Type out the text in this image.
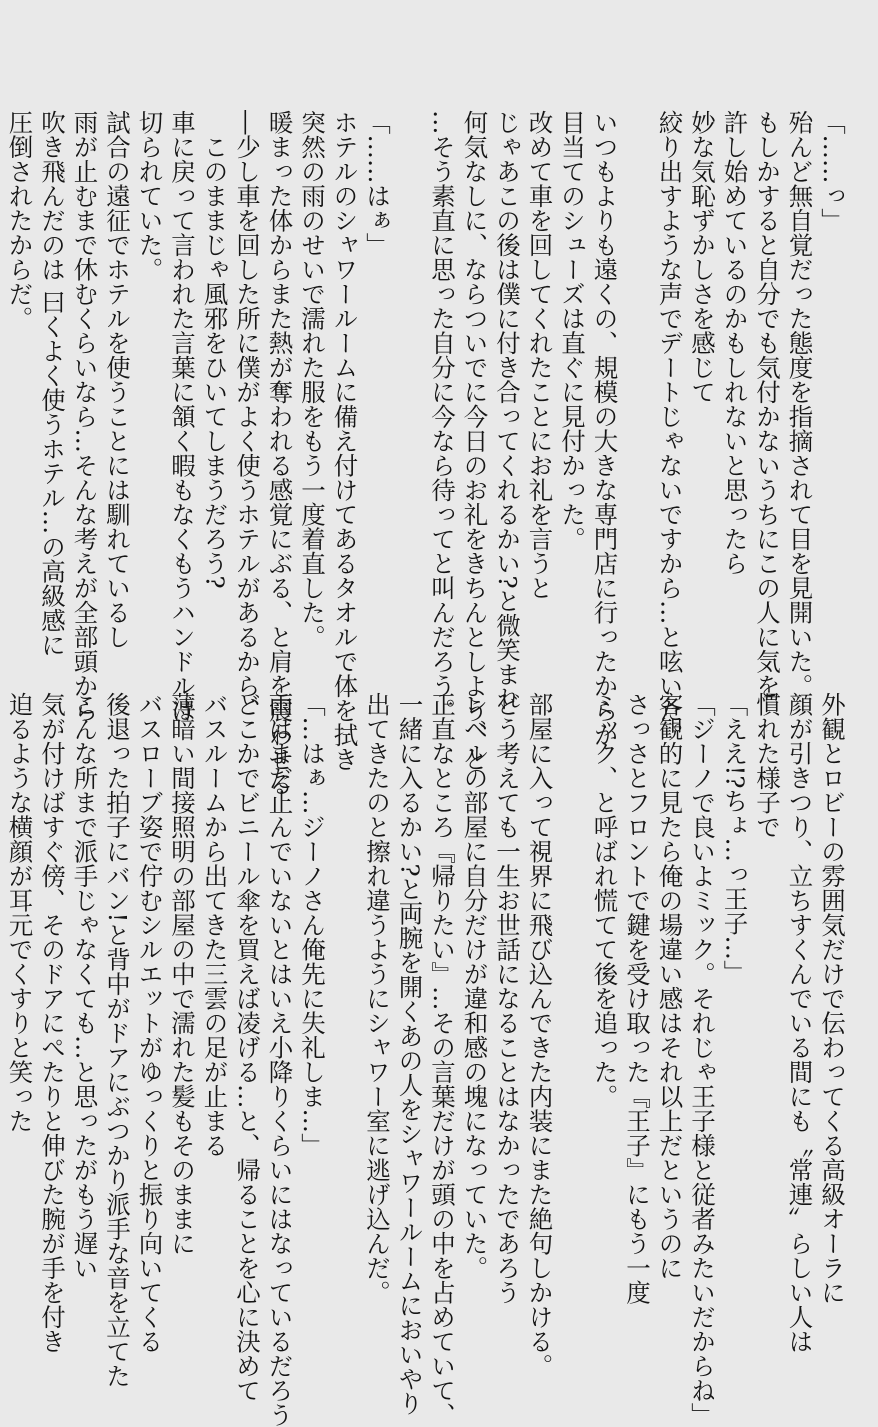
「……っ」
殆んど無自覚だった態度を指摘されて目を見開いた。
もしかすると自分でも気付かないうちにこの人に気を
許し始めているのかもしれないと思ったら
妙な気恥ずかしさを感じて
絞り出すような声でデートじゃないですから…と呟いた。
いつもよりも遠くの、規模の大きな専門店に行ったからか
目当てのシューズは直ぐに見付かった。
改めて車を回してくれたことにお礼を言うと
じゃあこの後は僕に付き合ってくれるかい?と微笑まれ
何気なしに、ならついでに今日のお礼をきちんとしよう、と
…そう素直に思った自分に今なら待ってと叫んだろう。
「……はぁ」
ホテルのシャワールームに備え付けてあるタオルで体を拭き
突然の雨のせいで濡れた服をもう一度着直した。
暖まった体からまた熱が奪われる感覚にぶる、と肩を震わせる
―少し車を回した所に僕がよく使うホテルがあるから、
　このままじゃ風邪をひいてしまうだろう?
車に戻って言われた言葉に頷く暇もなくもうハンドルは
切られていた。
試合の遠征でホテルを使うことには馴れているし
雨が止むまで休むくらいなら…そんな考えが全部頭から
吹き飛んだのは 曰くよく使うホテル…の高級感に
圧倒されたからだ。
外観とロビーの雰囲気だけで伝わってくる高級オーラに
顔が引きつり、立ちすくんでいる間にも〝常連〟らしい人は
慣れた様子で
「ええ!?ちょ…っ王子…」
「ジーノで良いよミック。それじゃ王子様と従者みたいだからね」
客観的に見たら俺の場違い感はそれ以上だというのに
さっさとフロントで鍵を受け取った『王子』にもう一度
ミック、と呼ばれ慌てて後を追った。
部屋に入って視界に飛び込んできた内装にまた絶句しかける。
どう考えても一生お世話になることはなかったであろう
レベルの部屋に自分だけが違和感の塊になっていた。
正直なところ『帰りたい』…その言葉だけが頭の中を占めていて、
一緒に入るかい?と両腕を開くあの人をシャワールームにおいやり
出てきたのと擦れ違うようにシャワー室に逃げ込んだ。
「…はぁ…ジーノさん俺先に失礼しま…」
雨はまだ止んでいないとはいえ小降りくらいにはなっているだろう
どこかでビニール傘を買えば凌げる…と、帰ることを心に決めて
バスルームから出てきた三雲の足が止まる
薄暗い間接照明の部屋の中で濡れた髪もそのままに
バスローブ姿で佇むシルエットがゆっくりと振り向いてくる
後退った拍子にバン!と背中がドアにぶつかり派手な音を立てた
こんな所まで派手じゃなくても…と思ったがもう遅い
気が付けばすぐ傍、そのドアにぺたりと伸びた腕が手を付き
迫るような横顔が耳元でくすりと笑った
